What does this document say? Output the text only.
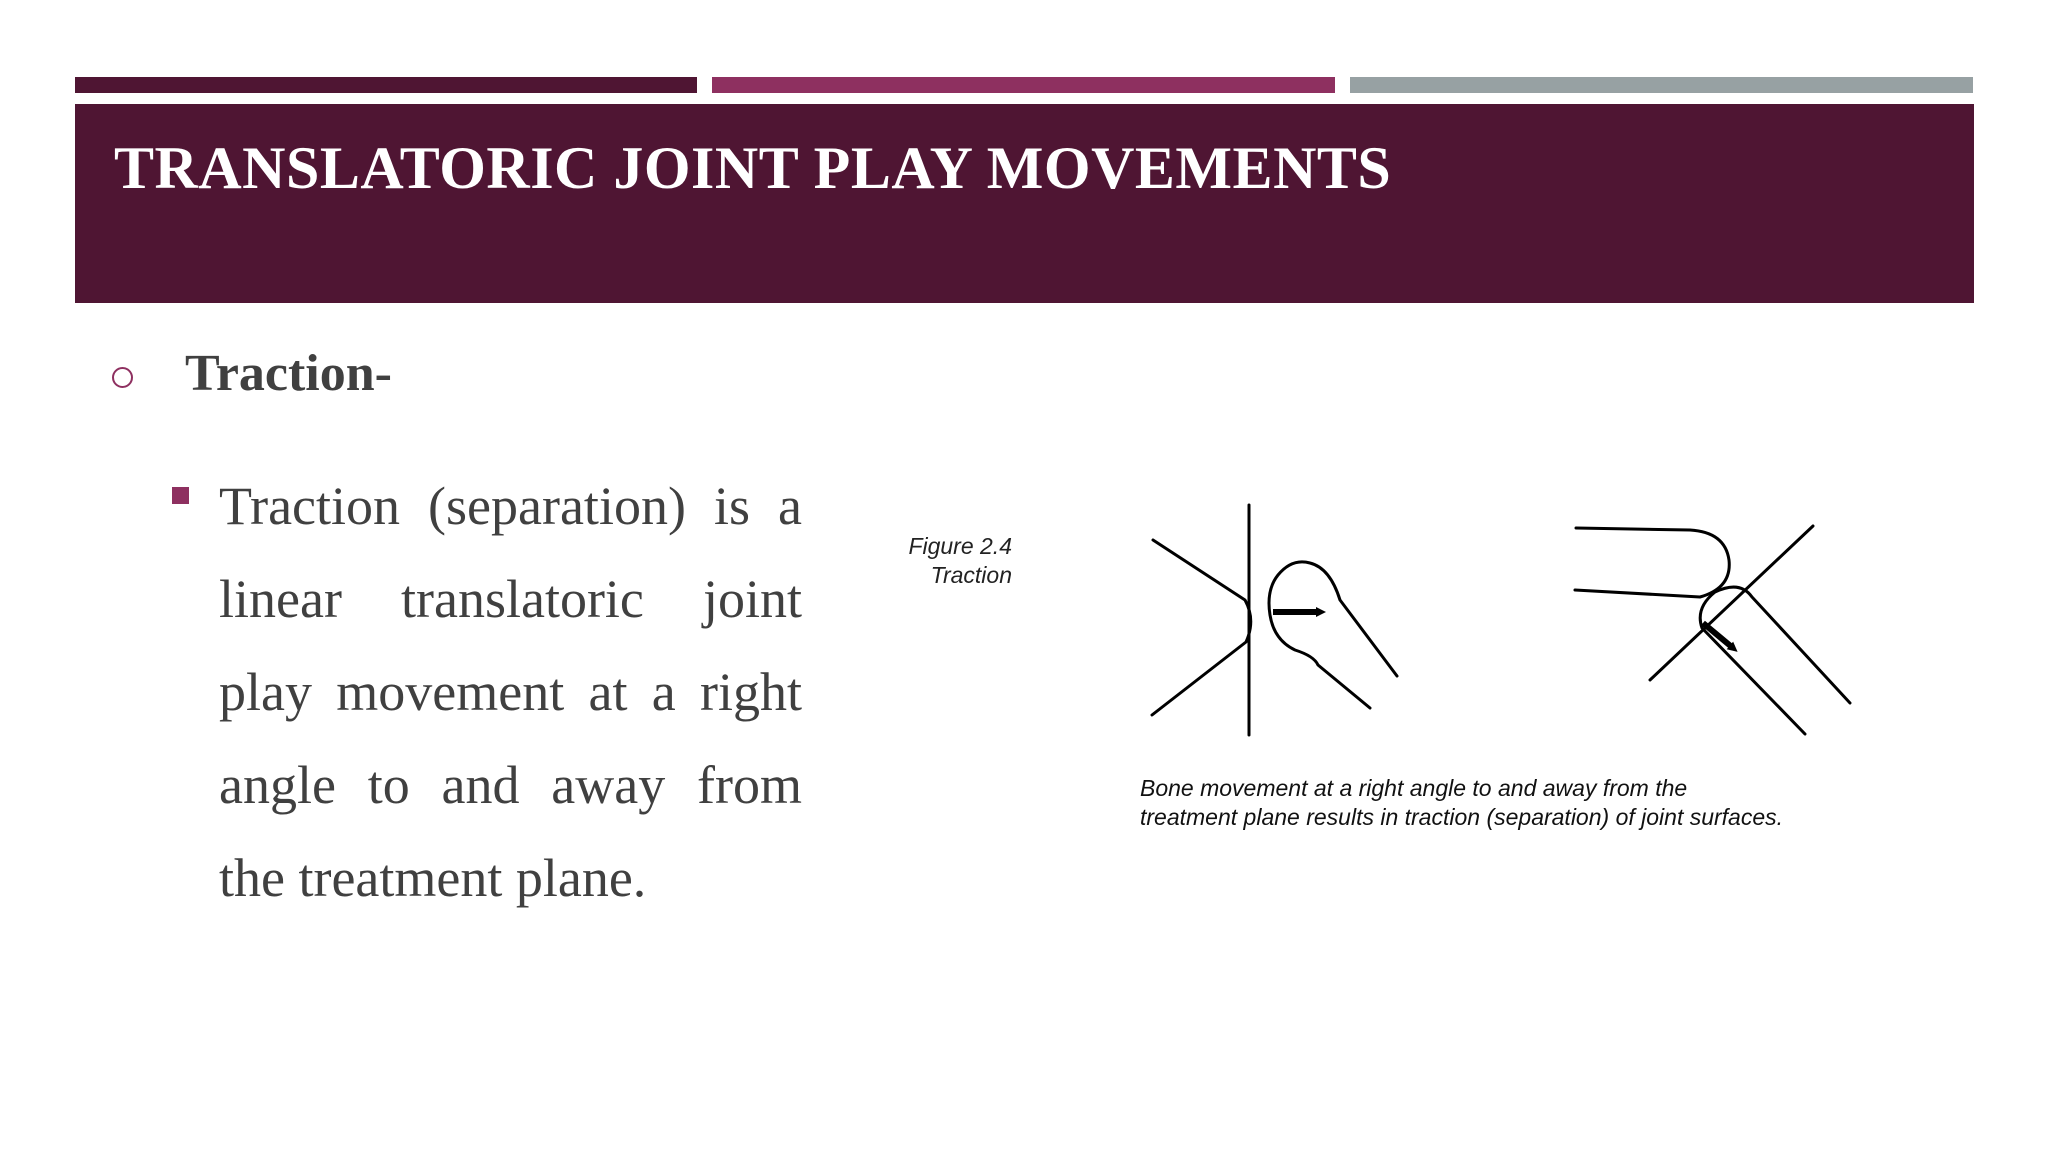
TRANSLATORIC JOINT PLAY MOVEMENTS
Traction-

Traction (separation) is a linear translatoric joint play movement at a right angle to and away from the treatment plane.

Figure 2.4
Traction
Bone movement at a right angle to and away from the
treatment plane results in traction (separation) of joint surfaces.
